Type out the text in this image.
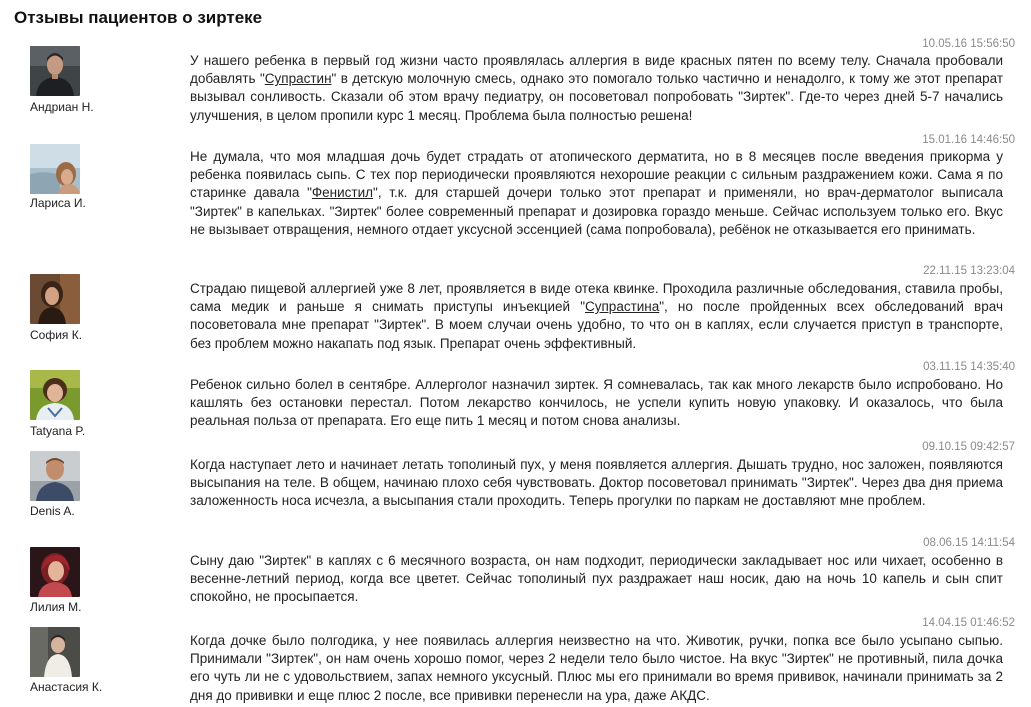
Отзывы пациентов о зиртеке
Андриан Н.
10.05.16 15:56:50

У нашего ребенка в первый год жизни часто проявлялась аллергия в виде красных пятен по всему телу. Сначала пробовали добавлять "Супрастин" в детскую молочную смесь, однако это помогало только частично и ненадолго, к тому же этот препарат вызывал сонливость. Сказали об этом врачу педиатру, он посоветовал попробовать "Зиртек". Где-то через дней 5-7 начались улучшения, в целом пропили курс 1 месяц. Проблема была полностью решена!

Лариса И.
15.01.16 14:46:50

Не думала, что моя младшая дочь будет страдать от атопического дерматита, но в 8 месяцев после введения прикорма у ребенка появилась сыпь. С тех пор периодически проявляются нехорошие реакции с сильным раздражением кожи. Сама я по старинке давала "Фенистил", т.к. для старшей дочери только этот препарат и применяли, но врач-дерматолог выписала "Зиртек" в капельках. "Зиртек" более современный препарат и дозировка гораздо меньше. Сейчас используем только его. Вкус не вызывает отвращения, немного отдает уксусной эссенцией (сама попробовала), ребёнок не отказывается его принимать.

София К.
22.11.15 13:23:04

Страдаю пищевой аллергией уже 8 лет, проявляется в виде отека квинке. Проходила различные обследования, ставила пробы, сама медик и раньше я снимать приступы инъекцией "Супрастина", но после пройденных всех обследований врач посоветовала мне препарат "Зиртек". В моем случаи очень удобно, то что он в каплях, если случается приступ в транспорте, без проблем можно накапать под язык. Препарат очень эффективный.

Tatyana P.
03.11.15 14:35:40

Ребенок сильно болел в сентябре. Аллерголог назначил зиртек. Я сомневалась, так как много лекарств было испробовано. Но кашлять без остановки перестал. Потом лекарство кончилось, не успели купить новую упаковку. И оказалось, что была реальная польза от препарата. Его еще пить 1 месяц и потом снова анализы.

Denis A.
09.10.15 09:42:57

Когда наступает лето и начинает летать тополиный пух, у меня появляется аллергия. Дышать трудно, нос заложен, появляются высыпания на теле. В общем, начинаю плохо себя чувствовать. Доктор посоветовал принимать "Зиртек". Через два дня приема заложенность носа исчезла, а высыпания стали проходить. Теперь прогулки по паркам не доставляют мне проблем.

Лилия М.
08.06.15 14:11:54

Сыну даю "Зиртек" в каплях с 6 месячного возраста, он нам подходит, периодически закладывает нос или чихает, особенно в весенне-летний период, когда все цветет. Сейчас тополиный пух раздражает наш носик, даю на ночь 10 капель и сын спит спокойно, не просыпается.

Анастасия К.
14.04.15 01:46:52

Когда дочке было полгодика, у нее появилась аллергия неизвестно на что. Животик, ручки, попка все было усыпано сыпью. Принимали "Зиртек", он нам очень хорошо помог, через 2 недели тело было чистое. На вкус "Зиртек" не противный, пила дочка его чуть ли не с удовольствием, запах немного уксусный. Плюс мы его принимали во время прививок, начинали принимать за 2 дня до прививки и еще плюс 2 после, все прививки перенесли на ура, даже АКДС.
